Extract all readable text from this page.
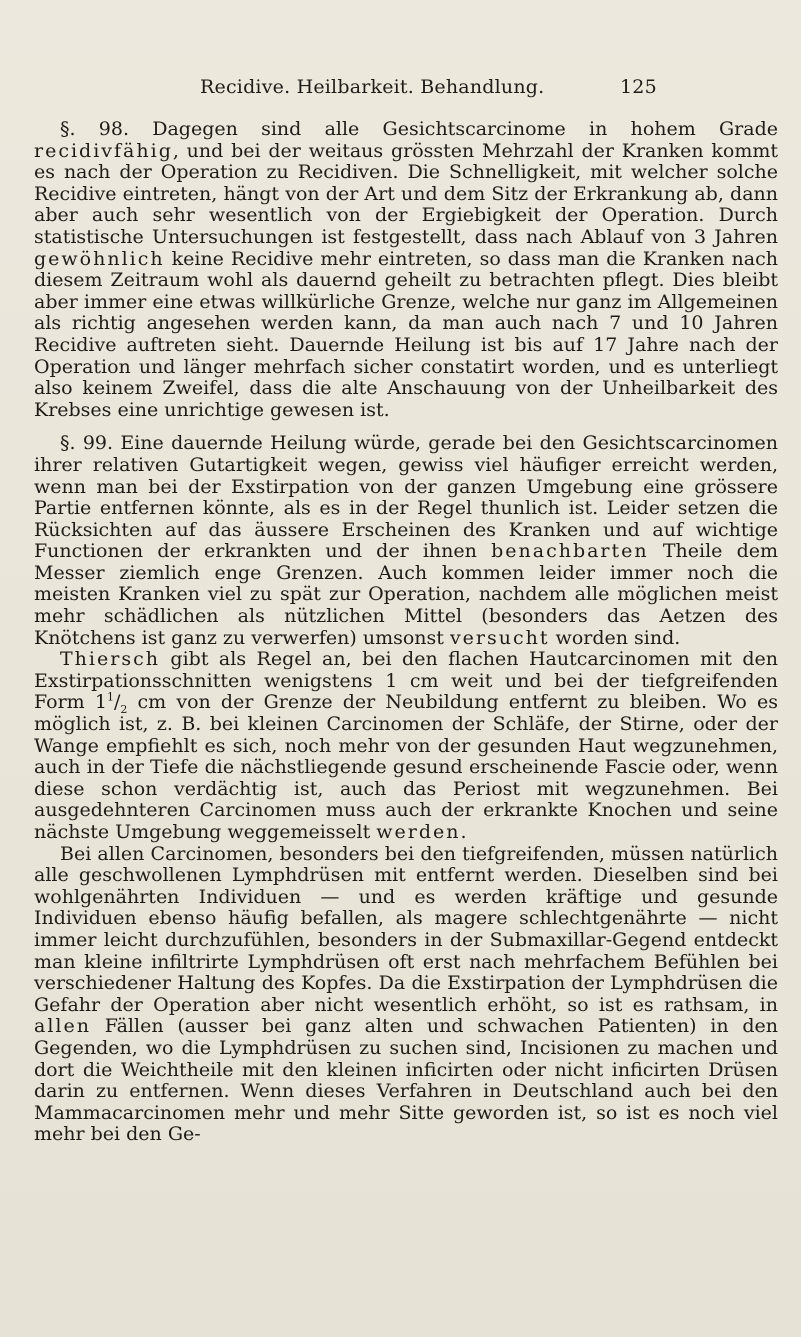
Recidive. Heilbarkeit. Behandlung.	125

§. 98. Dagegen sind alle Gesichtscarcinome in hohem Grade recidivfähig, und bei der weitaus grössten Mehrzahl der Kranken kommt es nach der Operation zu Recidiven. Die Schnelligkeit, mit welcher solche Recidive eintreten, hängt von der Art und dem Sitz der Erkrankung ab, dann aber auch sehr wesentlich von der Ergiebigkeit der Operation. Durch statistische Untersuchungen ist festgestellt, dass nach Ablauf von 3 Jahren gewöhnlich keine Recidive mehr eintreten, so dass man die Kranken nach diesem Zeitraum wohl als dauernd geheilt zu betrachten pflegt. Dies bleibt aber immer eine etwas willkürliche Grenze, welche nur ganz im Allgemeinen als richtig angesehen werden kann, da man auch nach 7 und 10 Jahren Recidive auftreten sieht. Dauernde Heilung ist bis auf 17 Jahre nach der Operation und länger mehrfach sicher constatirt worden, und es unterliegt also keinem Zweifel, dass die alte Anschauung von der Unheilbarkeit des Krebses eine unrichtige gewesen ist.

§. 99. Eine dauernde Heilung würde, gerade bei den Gesichtscarcinomen ihrer relativen Gutartigkeit wegen, gewiss viel häufiger erreicht werden, wenn man bei der Exstirpation von der ganzen Umgebung eine grössere Partie entfernen könnte, als es in der Regel thunlich ist. Leider setzen die Rücksichten auf das äussere Erscheinen des Kranken und auf wichtige Functionen der erkrankten und der ihnen benachbarten Theile dem Messer ziemlich enge Grenzen. Auch kommen leider immer noch die meisten Kranken viel zu spät zur Operation, nachdem alle möglichen meist mehr schädlichen als nützlichen Mittel (besonders das Aetzen des Knötchens ist ganz zu verwerfen) umsonst versucht worden sind.

Thiersch gibt als Regel an, bei den flachen Hautcarcinomen mit den Exstirpationsschnitten wenigstens 1 cm weit und bei der tiefgreifenden Form $1^1/_2$ cm von der Grenze der Neubildung entfernt zu bleiben. Wo es möglich ist, z. B. bei kleinen Carcinomen der Schläfe, der Stirne, oder der Wange empfiehlt es sich, noch mehr von der gesunden Haut wegzunehmen, auch in der Tiefe die nächstliegende gesund erscheinende Fascie oder, wenn diese schon verdächtig ist, auch das Periost mit wegzunehmen. Bei ausgedehnteren Carcinomen muss auch der erkrankte Knochen und seine nächste Umgebung weggemeisselt werden.

Bei allen Carcinomen, besonders bei den tiefgreifenden, müssen natürlich alle geschwollenen Lymphdrüsen mit entfernt werden. Dieselben sind bei wohlgenährten Individuen — und es werden kräftige und gesunde Individuen ebenso häufig befallen, als magere schlechtgenährte — nicht immer leicht durchzufühlen, besonders in der Submaxillar-Gegend entdeckt man kleine infiltrirte Lymphdrüsen oft erst nach mehrfachem Befühlen bei verschiedener Haltung des Kopfes. Da die Exstirpation der Lymphdrüsen die Gefahr der Operation aber nicht wesentlich erhöht, so ist es rathsam, in allen Fällen (ausser bei ganz alten und schwachen Patienten) in den Gegenden, wo die Lymphdrüsen zu suchen sind, Incisionen zu machen und dort die Weichtheile mit den kleinen inficirten oder nicht inficirten Drüsen darin zu entfernen. Wenn dieses Verfahren in Deutschland auch bei den Mammacarcinomen mehr und mehr Sitte geworden ist, so ist es noch viel mehr bei den Ge-
